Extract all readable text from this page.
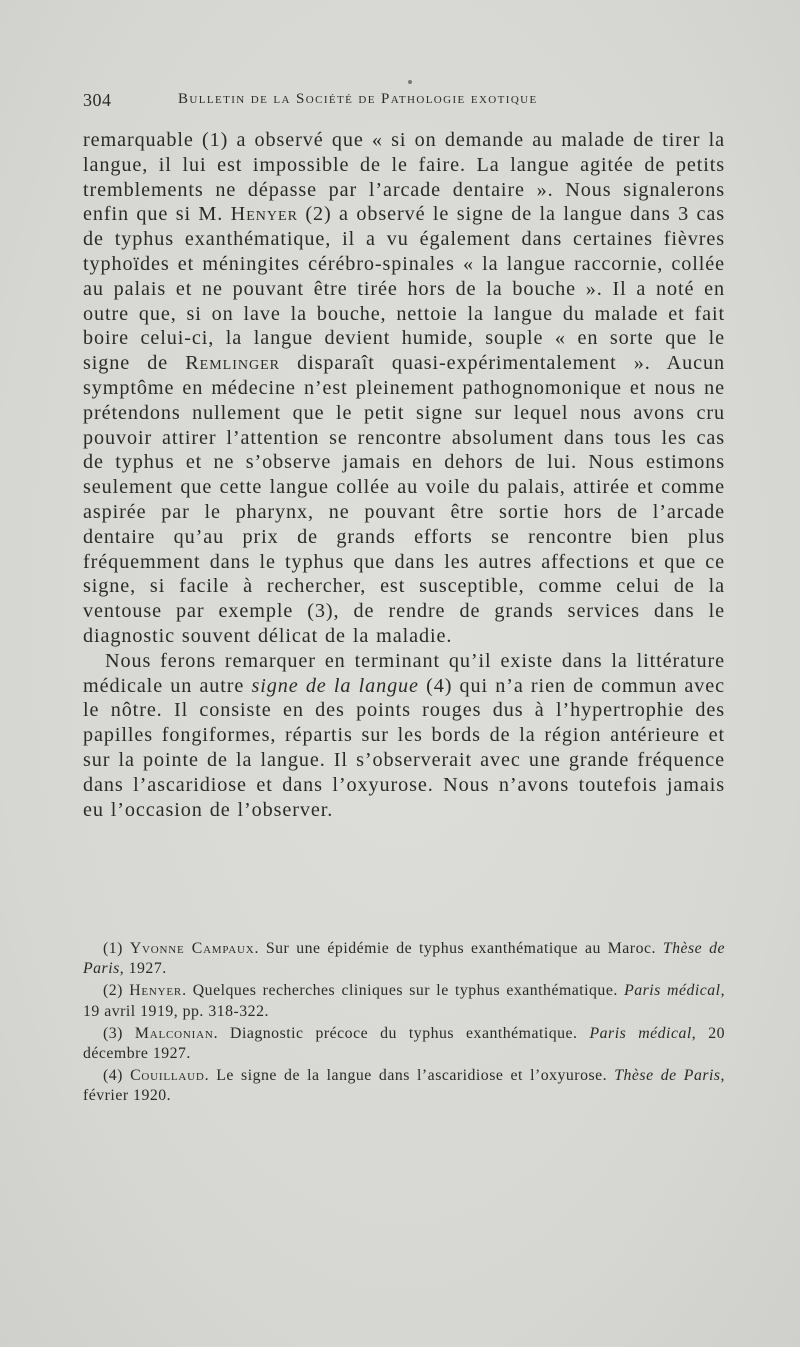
304	Bulletin de la Société de Pathologie exotique

remarquable (1) a observé que « si on demande au malade de tirer la langue, il lui est impossible de le faire. La langue agitée de petits tremblements ne dépasse par l’arcade dentaire ». Nous signalerons enfin que si M. Henyer (2) a observé le signe de la langue dans 3 cas de typhus exanthématique, il a vu également dans certaines fièvres typhoïdes et méningites cérébro-spinales « la langue raccornie, collée au palais et ne pouvant être tirée hors de la bouche ». Il a noté en outre que, si on lave la bouche, nettoie la langue du malade et fait boire celui-ci, la langue devient humide, souple « en sorte que le signe de Remlinger disparaît quasi-expérimentalement ». Aucun symptôme en médecine n’est pleinement pathognomonique et nous ne prétendons nullement que le petit signe sur lequel nous avons cru pouvoir attirer l’attention se rencontre absolument dans tous les cas de typhus et ne s’observe jamais en dehors de lui. Nous estimons seulement que cette langue collée au voile du palais, attirée et comme aspirée par le pharynx, ne pouvant être sortie hors de l’arcade dentaire qu’au prix de grands efforts se rencontre bien plus fréquemment dans le typhus que dans les autres affections et que ce signe, si facile à rechercher, est susceptible, comme celui de la ventouse par exemple (3), de rendre de grands services dans le diagnostic souvent délicat de la maladie.

Nous ferons remarquer en terminant qu’il existe dans la littérature médicale un autre signe de la langue (4) qui n’a rien de commun avec le nôtre. Il consiste en des points rouges dus à l’hypertrophie des papilles fongiformes, répartis sur les bords de la région antérieure et sur la pointe de la langue. Il s’observerait avec une grande fréquence dans l’ascaridiose et dans l’oxyurose. Nous n’avons toutefois jamais eu l’occasion de l’observer.

(1) Yvonne Campaux. Sur une épidémie de typhus exanthématique au Maroc. Thèse de Paris, 1927.

(2) Henyer. Quelques recherches cliniques sur le typhus exanthématique. Paris médical, 19 avril 1919, pp. 318-322.

(3) Malconian. Diagnostic précoce du typhus exanthématique. Paris médical, 20 décembre 1927.

(4) Couillaud. Le signe de la langue dans l’ascaridiose et l’oxyurose. Thèse de Paris, février 1920.
